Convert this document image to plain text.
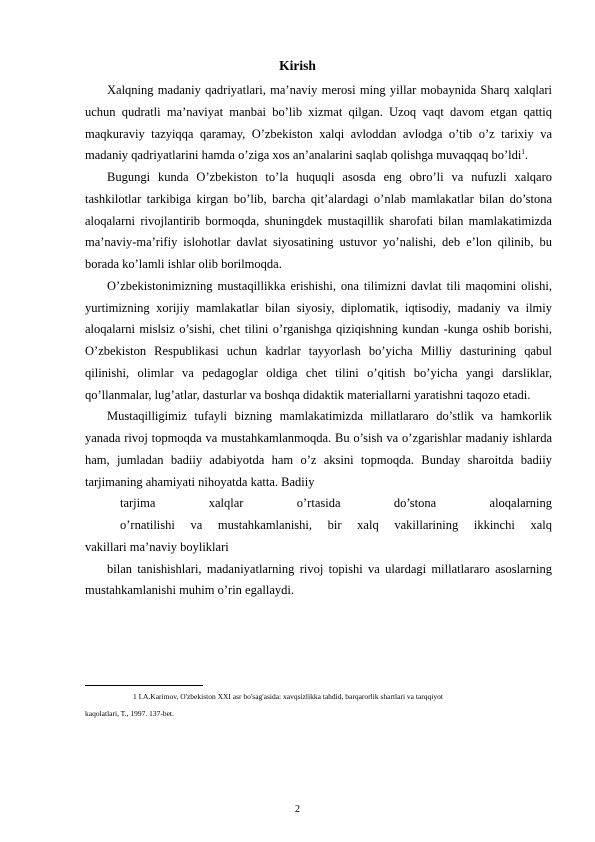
Kirish

Xalqning madaniy qadriyatlari, ma’naviy merosi ming yillar mobaynida Sharq xalqlari uchun qudratli ma’naviyat manbai bo’lib xizmat qilgan. Uzoq vaqt davom etgan qattiq maqkuraviy tazyiqqa qaramay, O’zbekiston xalqi avloddan avlodga o’tib o’z tarixiy va madaniy qadriyatlarini hamda o’ziga xos an’analarini saqlab qolishga muvaqqaq bo’ldi$^1$.

Bugungi kunda O’zbekiston to’la huquqli asosda eng obro’li va nufuzli xalqaro tashkilotlar tarkibiga kirgan bo’lib, barcha qit’alardagi o’nlab mamlakatlar bilan do’stona aloqalarni rivojlantirib bormoqda, shuningdek mustaqillik sharofati bilan mamlakatimizda ma’naviy-ma’rifiy islohotlar davlat siyosatining ustuvor yo’nalishi, deb e’lon qilinib, bu borada ko’lamli ishlar olib borilmoqda.

O’zbekistonimizning mustaqillikka erishishi, ona tilimizni davlat tili maqomini olishi, yurtimizning xorijiy mamlakatlar bilan siyosiy, diplomatik, iqtisodiy, madaniy va ilmiy aloqalarni mislsiz o’sishi, chet tilini o’rganishga qiziqishning kundan -kunga oshib borishi, O’zbekiston Respublikasi uchun kadrlar tayyorlash bo’yicha Milliy dasturining qabul qilinishi, olimlar va pedagoglar oldiga chet tilini o’qitish bo’yicha yangi darsliklar, qo’llanmalar, lug’atlar, dasturlar va boshqa didaktik materiallarni yaratishni taqozo etadi.

Mustaqilligimiz tufayli bizning mamlakatimizda millatlararo do’stlik va hamkorlik yanada rivoj topmoqda va mustahkamlanmoqda. Bu o’sish va o’zgarishlar madaniy ishlarda ham, jumladan badiiy adabiyotda ham o’z aksini topmoqda. Bunday sharoitda badiiy tarjimaning ahamiyati nihoyatda katta. Badiiy

tarjima xalqlar o’rtasida do’stona aloqalarning

o’rnatilishi va mustahkamlanishi, bir xalq vakillarining ikkinchi xalq

vakillari ma’naviy boyliklari

bilan tanishishlari, madaniyatlarning rivoj topishi va ulardagi millatlararo asoslarning mustahkamlanishi muhim o’rin egallaydi.

1 I.A.Karimov, O'zbekiston XXI asr bo'sag'asida: xavqsizlikka tahdid, barqarorlik shartlari va tarqqiyot
kaqolatlari, T., 1997. 137-bet.
2
